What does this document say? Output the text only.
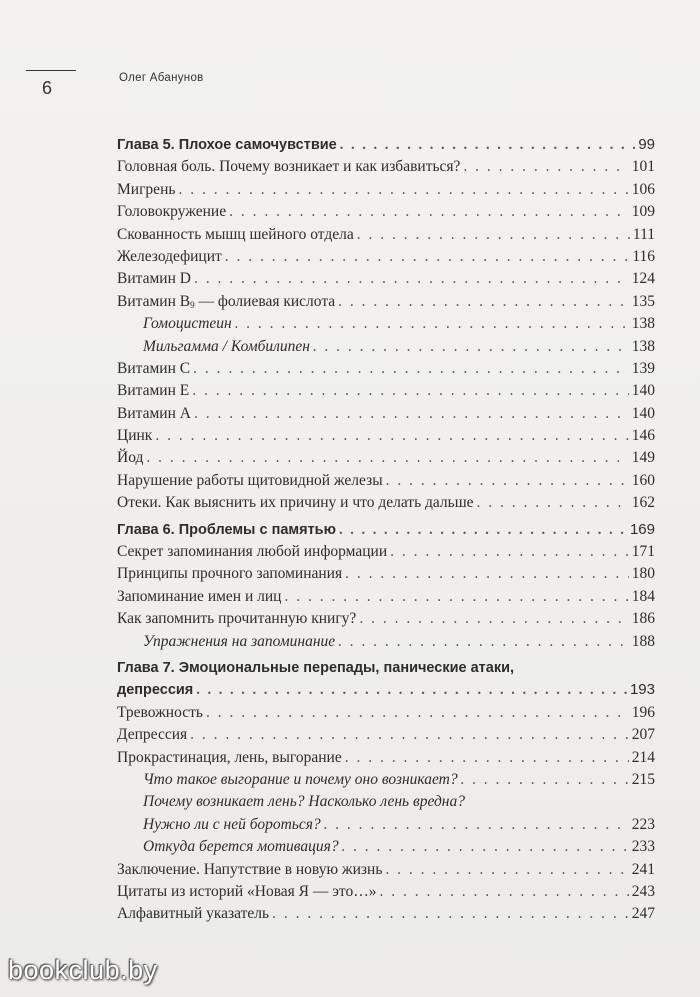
6	Олег Абанунов
Глава 5. Плохое самочувствие . . .	99
Головная боль. Почему возникает и как избавиться? . . .	101
Мигрень . . .	106
Головокружение . . .	109
Скованность мышц шейного отдела . . .	111
Железодефицит . . .	116
Витамин D . . .	124
Витамин $B_9$ — фолиевая кислота . . .	135
Гомоцистеин . . .	138
Мильгамма / Комбилипен . . .	138
Витамин C . . .	139
Витамин E . . .	140
Витамин A . . .	140
Цинк . . .	146
Йод . . .	149
Нарушение работы щитовидной железы . . .	160
Отеки. Как выяснить их причину и что делать дальше . . .	162
Глава 6. Проблемы с памятью . . .	169
Секрет запоминания любой информации . . .	171
Принципы прочного запоминания . . .	180
Запоминание имен и лиц . . .	184
Как запомнить прочитанную книгу? . . .	186
Упражнения на запоминание . . .	188
Глава 7. Эмоциональные перепады, панические атаки,
депрессия . . .	193
Тревожность . . .	196
Депрессия . . .	207
Прокрастинация, лень, выгорание . . .	214
Что такое выгорание и почему оно возникает? . . .	215
Почему возникает лень? Насколько лень вредна?
Нужно ли с ней бороться? . . .	223
Откуда берется мотивация? . . .	233
Заключение. Напутствие в новую жизнь . . .	241
Цитаты из историй «Новая Я — это…» . . .	243
Алфавитный указатель . . .	247
bookclub.by
